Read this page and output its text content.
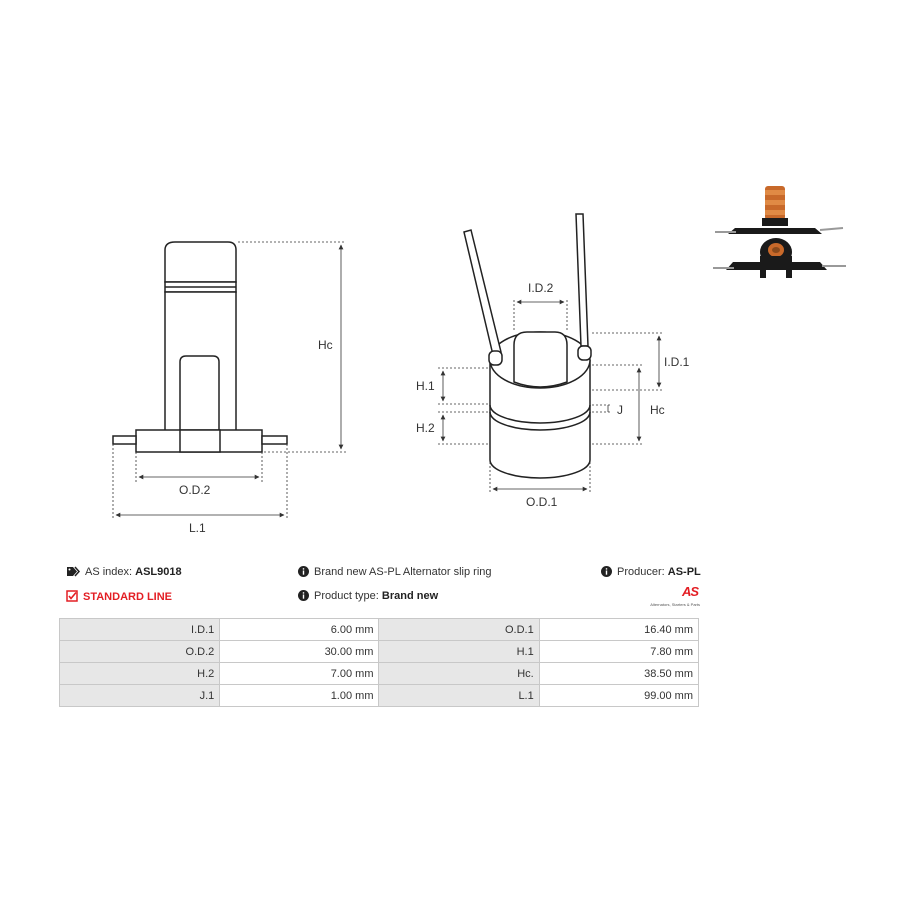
Hc
O.D.2
L.1
I.D.2
I.D.1
H.1
H.2
J Hc
O.D.1
AS index: ASL9018
STANDARD LINE
Brand new AS-PL Alternator slip ring
Product type: Brand new
Producer: AS-PL
AS
Alternators, Starters & Parts
I.D.1	6.00 mm	O.D.1	16.40 mm
O.D.2	30.00 mm	H.1	7.80 mm
H.2	7.00 mm	Hc.	38.50 mm
J.1	1.00 mm	L.1	99.00 mm
